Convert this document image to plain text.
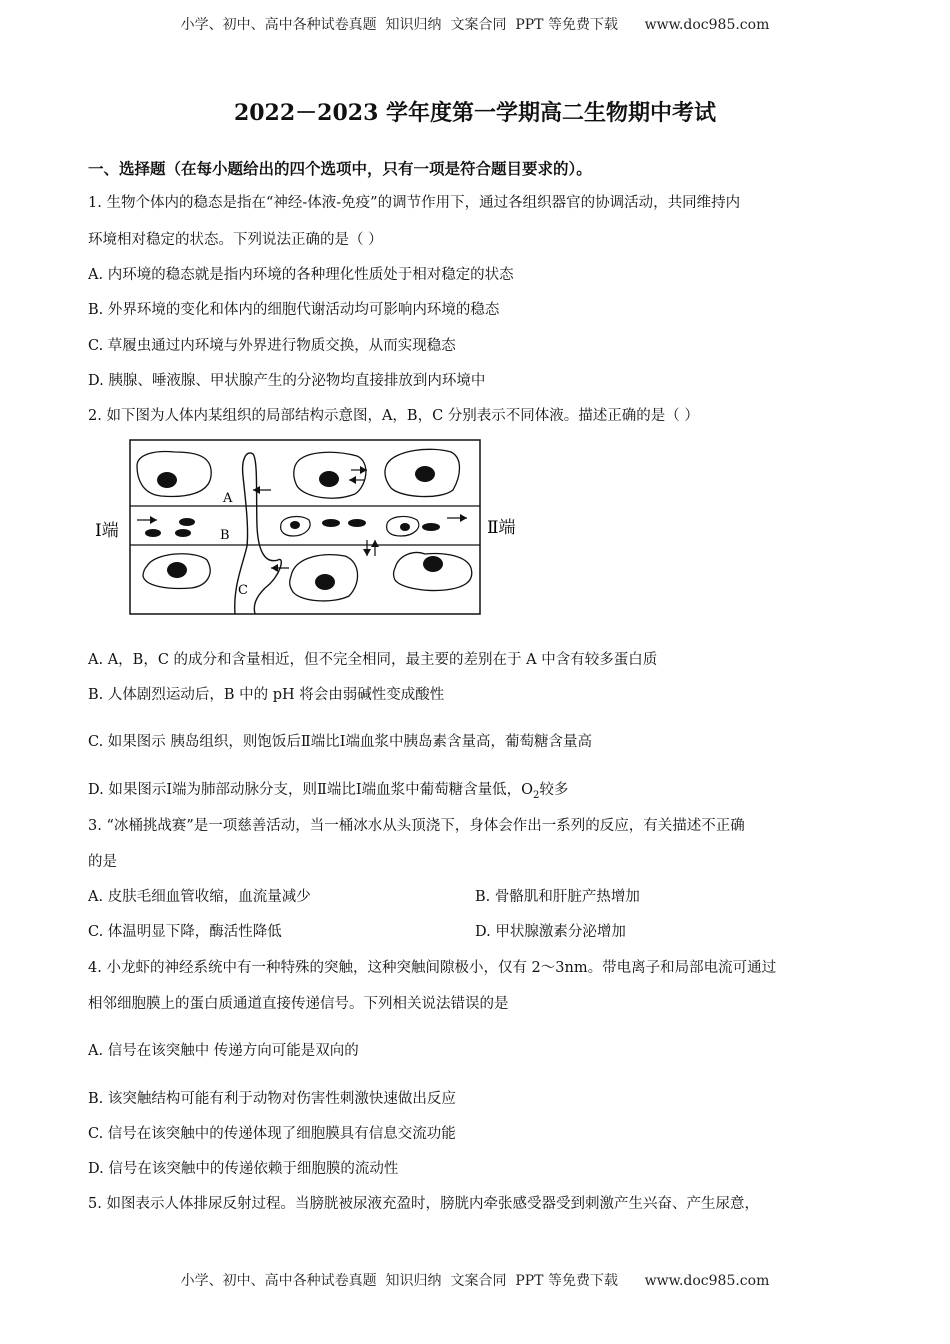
小学、初中、高中各种试卷真题  知识归纳  文案合同  PPT 等免费下载      www.doc985.com
2022－2023 学年度第一学期高二生物期中考试
一、选择题（在每小题给出的四个选项中，只有一项是符合题目要求的）。
1. 生物个体内的稳态是指在“神经-体液-免疫”的调节作用下，通过各组织器官的协调活动，共同维持内
环境相对稳定的状态。下列说法正确的是（ ）
A. 内环境的稳态就是指内环境的各种理化性质处于相对稳定的状态
B. 外界环境的变化和体内的细胞代谢活动均可影响内环境的稳态
C. 草履虫通过内环境与外界进行物质交换，从而实现稳态
D. 胰腺、唾液腺、甲状腺产生的分泌物均直接排放到内环境中
2. 如下图为人体内某组织的局部结构示意图，A，B，C 分别表示不同体液。描述正确的是（ ）
Ⅰ端	Ⅱ端
A
B
C
A. A，B，C 的成分和含量相近，但不完全相同，最主要的差别在于 A 中含有较多蛋白质
B. 人体剧烈运动后，B 中的 pH 将会由弱碱性变成酸性
C. 如果图示 胰岛组织，则饱饭后Ⅱ端比Ⅰ端血浆中胰岛素含量高，葡萄糖含量高
D. 如果图示Ⅰ端为肺部动脉分支，则Ⅱ端比Ⅰ端血浆中葡萄糖含量低，$O_2$较多
3. “冰桶挑战赛”是一项慈善活动，当一桶冰水从头顶浇下，身体会作出一系列的反应，有关描述不正确
的是
A. 皮肤毛细血管收缩，血流量减少	B. 骨骼肌和肝脏产热增加
C. 体温明显下降，酶活性降低	D. 甲状腺激素分泌增加
4. 小龙虾的神经系统中有一种特殊的突触，这种突触间隙极小，仅有 2～3nm。带电离子和局部电流可通过
相邻细胞膜上的蛋白质通道直接传递信号。下列相关说法错误的是
A. 信号在该突触中 传递方向可能是双向的
B. 该突触结构可能有利于动物对伤害性刺激快速做出反应
C. 信号在该突触中的传递体现了细胞膜具有信息交流功能
D. 信号在该突触中的传递依赖于细胞膜的流动性
5. 如图表示人体排尿反射过程。当膀胱被尿液充盈时，膀胱内牵张感受器受到刺激产生兴奋、产生尿意，
小学、初中、高中各种试卷真题  知识归纳  文案合同  PPT 等免费下载      www.doc985.com
